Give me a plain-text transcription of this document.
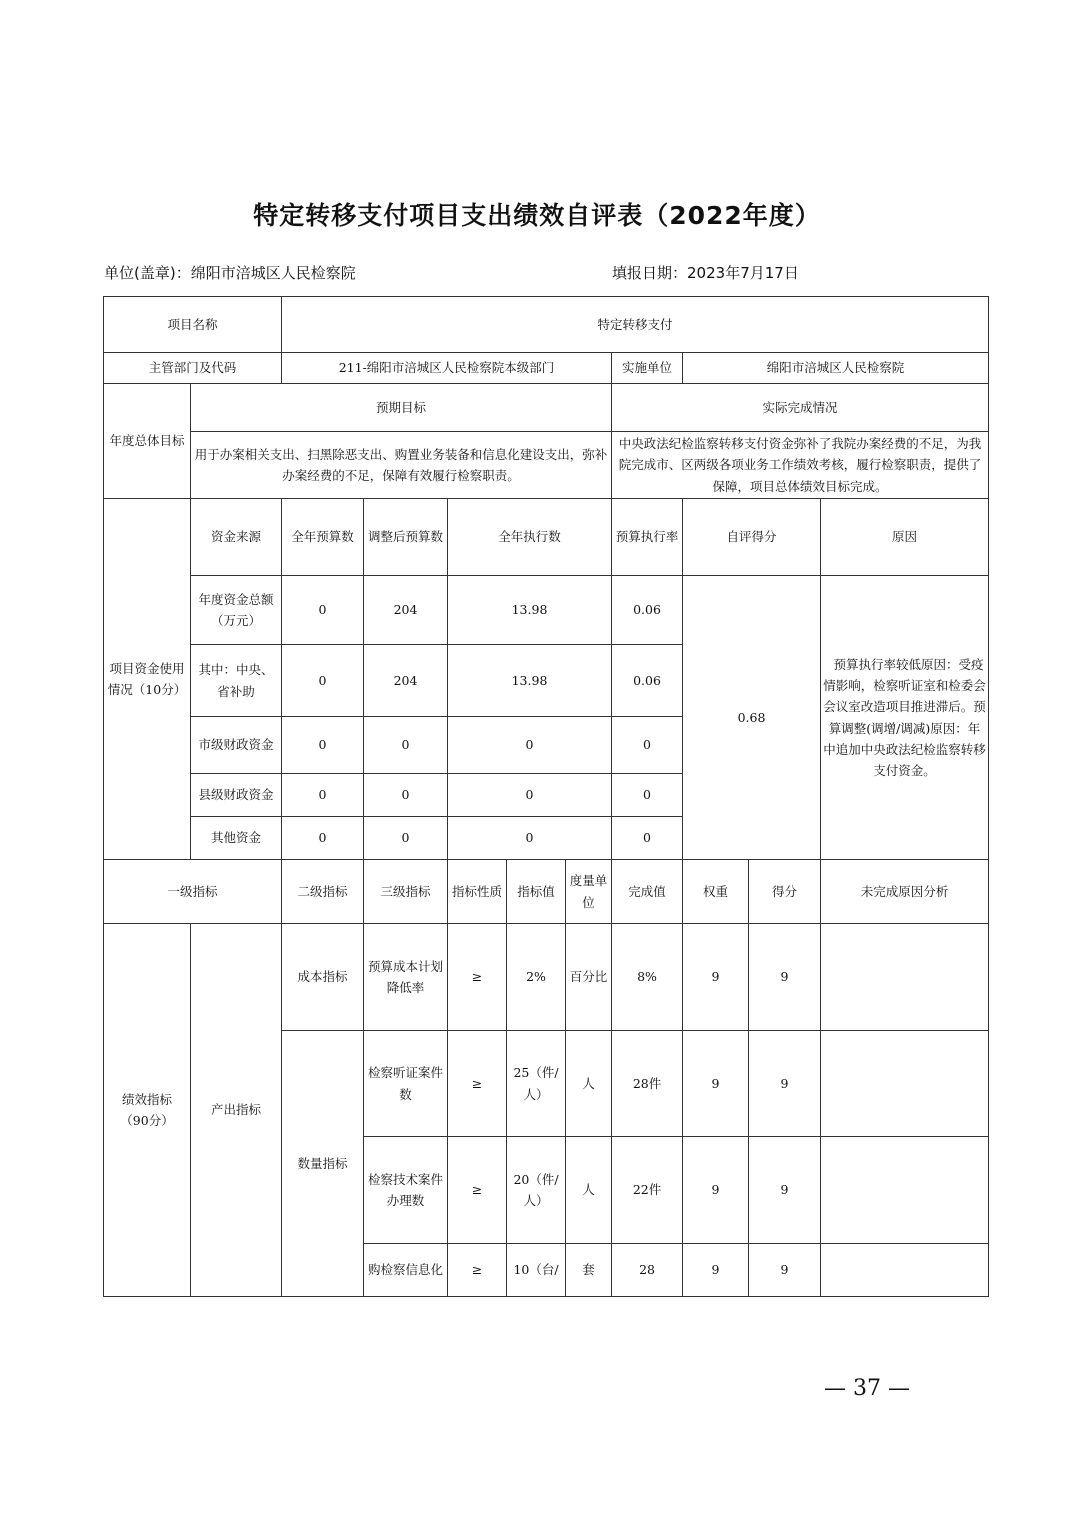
特定转移支付项目支出绩效自评表（2022年度）
单位(盖章)：绵阳市涪城区人民检察院	填报日期：2023年7月17日
项目名称		特定转移支付								
主管部门及代码		211-绵阳市涪城区人民检察院本级部门					实施单位	绵阳市涪城区人民检察院		
年度总体目标	预期目标						实际完成情况			
	用于办案相关支出、扫黑除恶支出、购置业务装备和信息化建设支出，弥补办案经费的不足，保障有效履行检察职责。						中央政法纪检监察转移支付资金弥补了我院办案经费的不足，为我院完成市、区两级各项业务工作绩效考核，履行检察职责，提供了保障，项目总体绩效目标完成。			
项目资金使用情况（10分）	资金来源	全年预算数	调整后预算数	全年执行数			预算执行率	自评得分		原因
	年度资金总额（万元）	0	204	13.98			0.06	0.68		预算执行率较低原因：受疫情影响，检察听证室和检委会会议室改造项目推进滞后。预算调整(调增/调减)原因：年中追加中央政法纪检监察转移支付资金。
	其中：中央、省补助	0	204	13.98			0.06			
	市级财政资金	0	0	0			0			
	县级财政资金	0	0	0			0			
	其他资金	0	0	0			0			
一级指标		二级指标	三级指标	指标性质	指标值	度量单位	完成值	权重	得分	未完成原因分析
绩效指标 （90分）	产出指标	成本指标	预算成本计划降低率	≥	2%	百分比	8%	9	9	
		数量指标	检察听证案件数	≥	25（件/人）	人	28件	9	9	
			检察技术案件办理数	≥	20（件/人）	人	22件	9	9	
			购检察信息化	≥	10（台/	套	28	9	9	
— 37 —
